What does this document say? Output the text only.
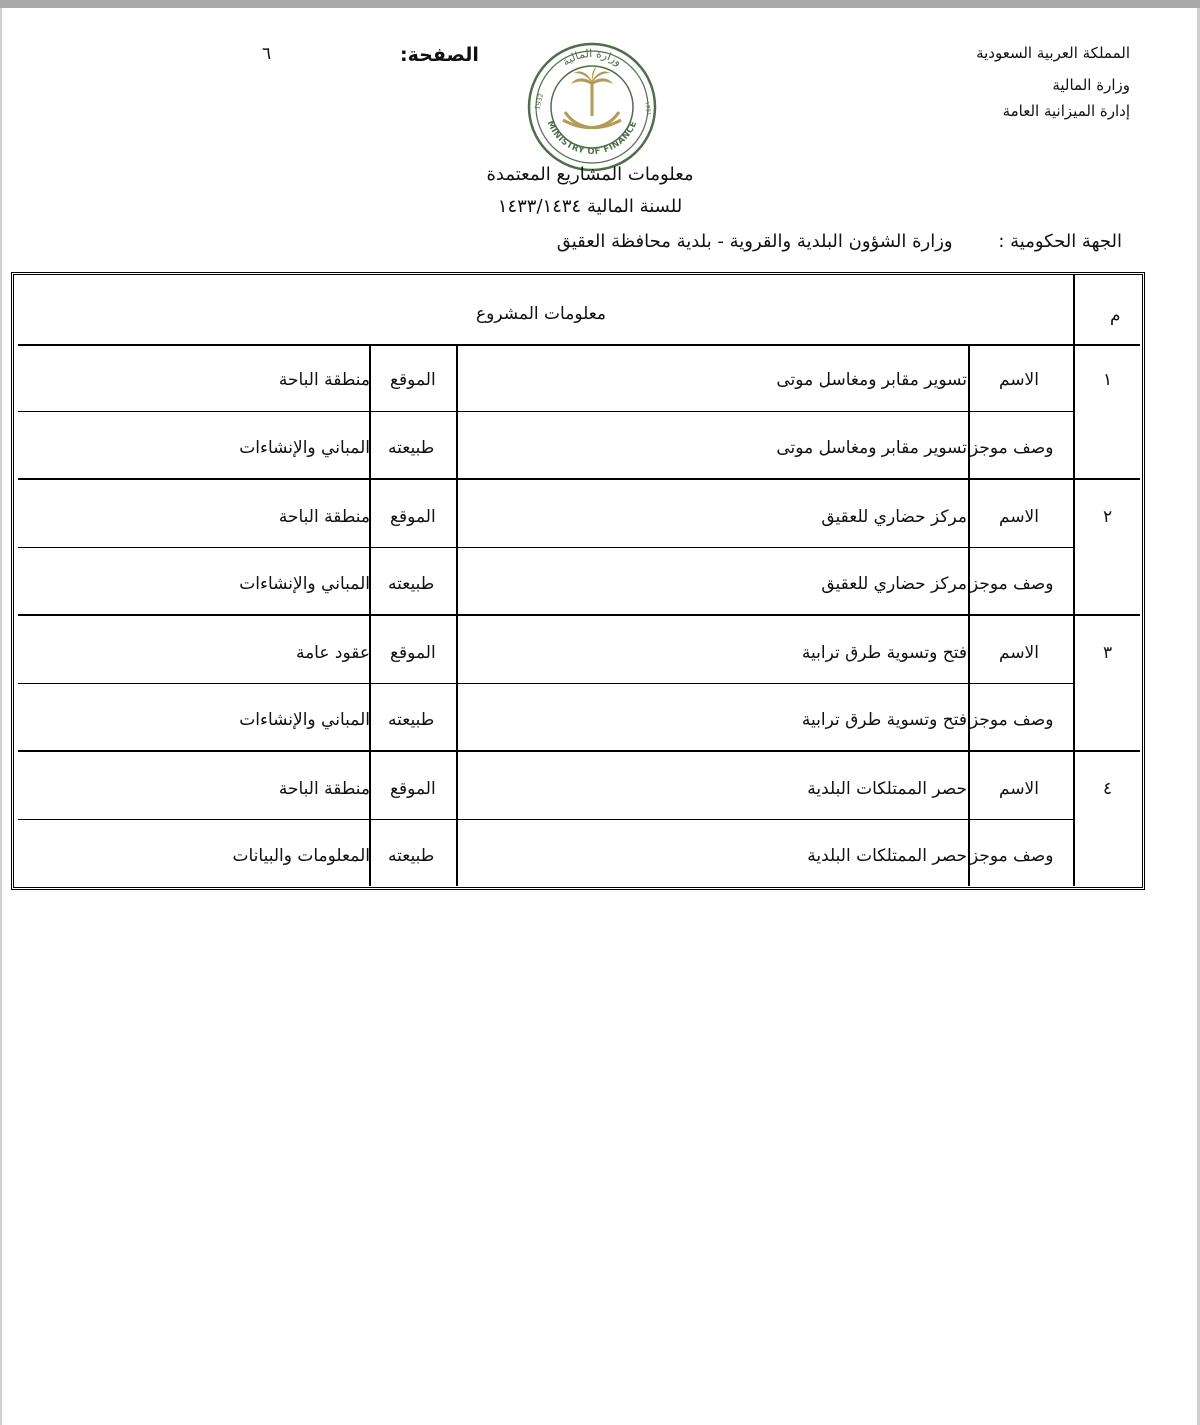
المملكة العربية السعودية
وزارة المالية
إدارة الميزانية العامة
الصفحة:
٦	وزارة المالية
MINISTRY OF FINANCE
1932	١٣٥١
معلومات المشاريع المعتمدة
للسنة المالية ١٤٣٣/١٤٣٤
الجهة الحكومية : وزارة الشؤون البلدية والقروية - بلدية محافظة العقيق
م
معلومات المشروع
١
الاسم
تسوير مقابر ومغاسل موتى
الموقع
منطقة الباحة
وصف موجز
تسوير مقابر ومغاسل موتى
طبيعته
المباني والإنشاءات
٢
الاسم
مركز حضاري للعقيق
الموقع
منطقة الباحة
وصف موجز
مركز حضاري للعقيق
طبيعته
المباني والإنشاءات
٣
الاسم
فتح وتسوية طرق ترابية
الموقع
عقود عامة
وصف موجز
فتح وتسوية طرق ترابية
طبيعته
المباني والإنشاءات
٤
الاسم
حصر الممتلكات البلدية
الموقع
منطقة الباحة
وصف موجز
حصر الممتلكات البلدية
طبيعته
المعلومات والبيانات
